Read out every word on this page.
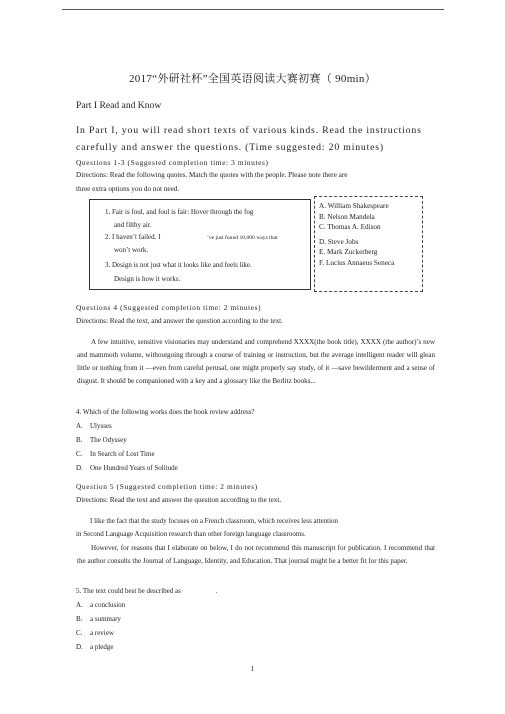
2017“外研社杯”全国英语阅读大赛初赛（ 90min）
Part I Read and Know
In Part I, you will read short texts of various kinds. Read the instructions carefully and answer the questions. (Time suggested: 20 minutes)
Questions 1-3 (Suggested completion time: 3 minutes)
Directions: Read the following quotes. Match the quotes with the people. Please note there are
three extra options you do not need.
1. Fair is foul, and foul is fair: Hover through the fog
and filthy air.
2. I haven’t failed. I	’ve just found 10,000 ways that
won’t work.
3. Design is not just what it looks like and feels like.
Design is how it works.
A. William Shakespeare
B. Nelson Mandela
C. Thomas A. Edison
D. Steve Jobs
E. Mark Zuckerberg
F. Lucius Annaeus Seneca
Questions 4 (Suggested completion time: 2 minutes)
Directions: Read the text, and answer the question according to the text.
A few intuitive, sensitive visionaries may understand and comprehend XXXX(the book title), XXXX (the author)’s new and mammoth volume, withoutgoing through a course of training or instruction, but the average intelligent reader will glean little or nothing from it —even from careful perusal, one might properly say study, of it —save bewilderment and a sense of disgust. It should be companioned with a key and a glossary like the Berlitz books...
4. Which of the following works does the book review address?
A. Ulysses
B. The Odyssey
C. In Search of Lost Time
D. One Hundred Years of Solitude
Question 5 (Suggested completion time: 2 minutes)
Directions: Read the text and answer the question according to the text.
I like the fact that the study focuses on a French classroom, which receives less attention
in Second Language Acquisition research than other foreign language classrooms.
However, for reasons that I elaborate on below, I do not recommend this manuscript for publication. I recommend that the author consults the Journal of Language, Identity, and Education. That journal might be a better fit for this paper.
5. The text could best be described as                    .
A. a conclusion
B. a summary
C. a review
D. a pledge
1
